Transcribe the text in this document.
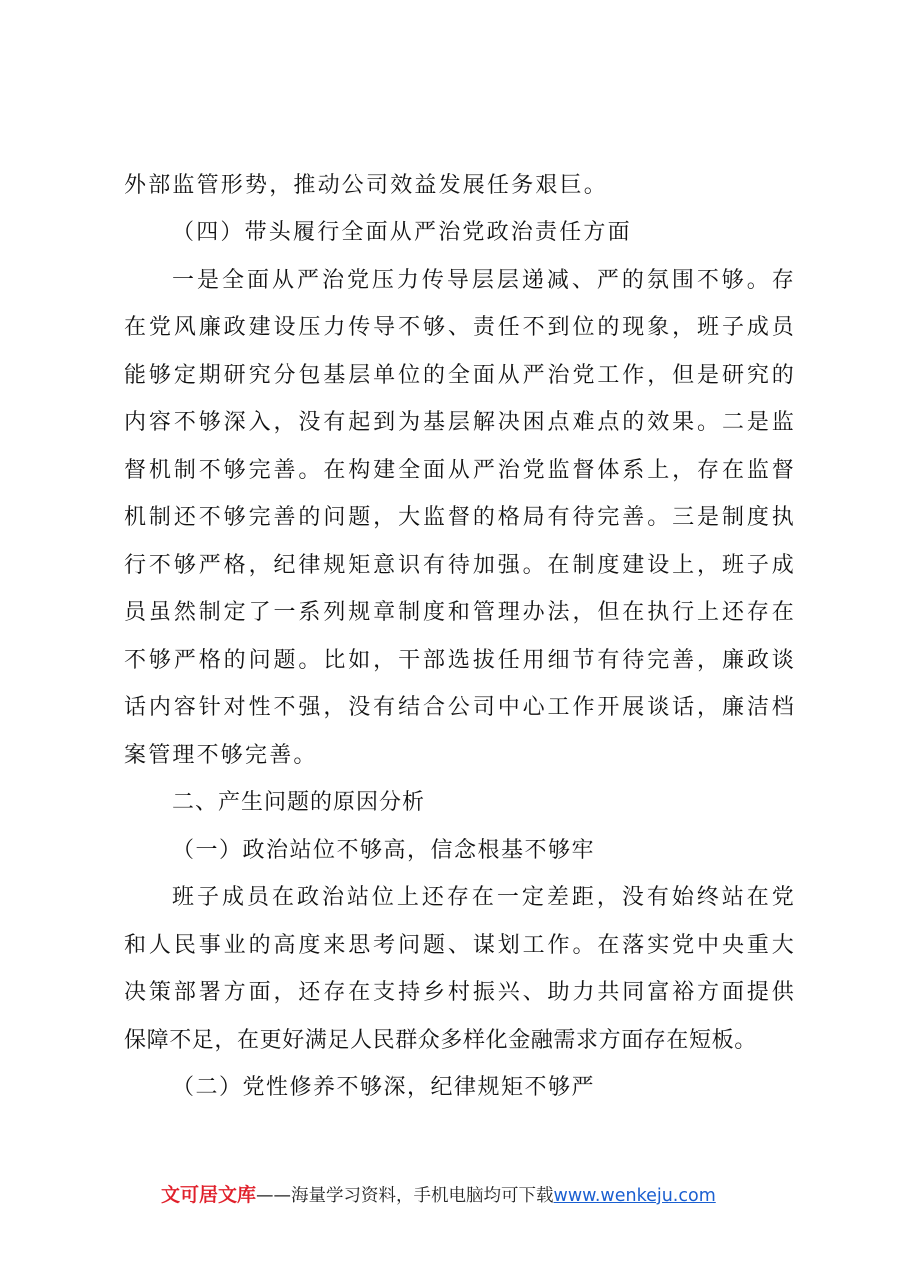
外部监管形势，推动公司效益发展任务艰巨。
（四）带头履行全面从严治党政治责任方面
一是全面从严治党压力传导层层递减、严的氛围不够。存
在党风廉政建设压力传导不够、责任不到位的现象，班子成员
能够定期研究分包基层单位的全面从严治党工作，但是研究的
内容不够深入，没有起到为基层解决困点难点的效果。二是监
督机制不够完善。在构建全面从严治党监督体系上，存在监督
机制还不够完善的问题，大监督的格局有待完善。三是制度执
行不够严格，纪律规矩意识有待加强。在制度建设上，班子成
员虽然制定了一系列规章制度和管理办法，但在执行上还存在
不够严格的问题。比如，干部选拔任用细节有待完善，廉政谈
话内容针对性不强，没有结合公司中心工作开展谈话，廉洁档
案管理不够完善。
二、产生问题的原因分析
（一）政治站位不够高，信念根基不够牢
班子成员在政治站位上还存在一定差距，没有始终站在党
和人民事业的高度来思考问题、谋划工作。在落实党中央重大
决策部署方面，还存在支持乡村振兴、助力共同富裕方面提供
保障不足，在更好满足人民群众多样化金融需求方面存在短板。
（二）党性修养不够深，纪律规矩不够严
文可居文库——海量学习资料，手机电脑均可下载www.wenkeju.com
